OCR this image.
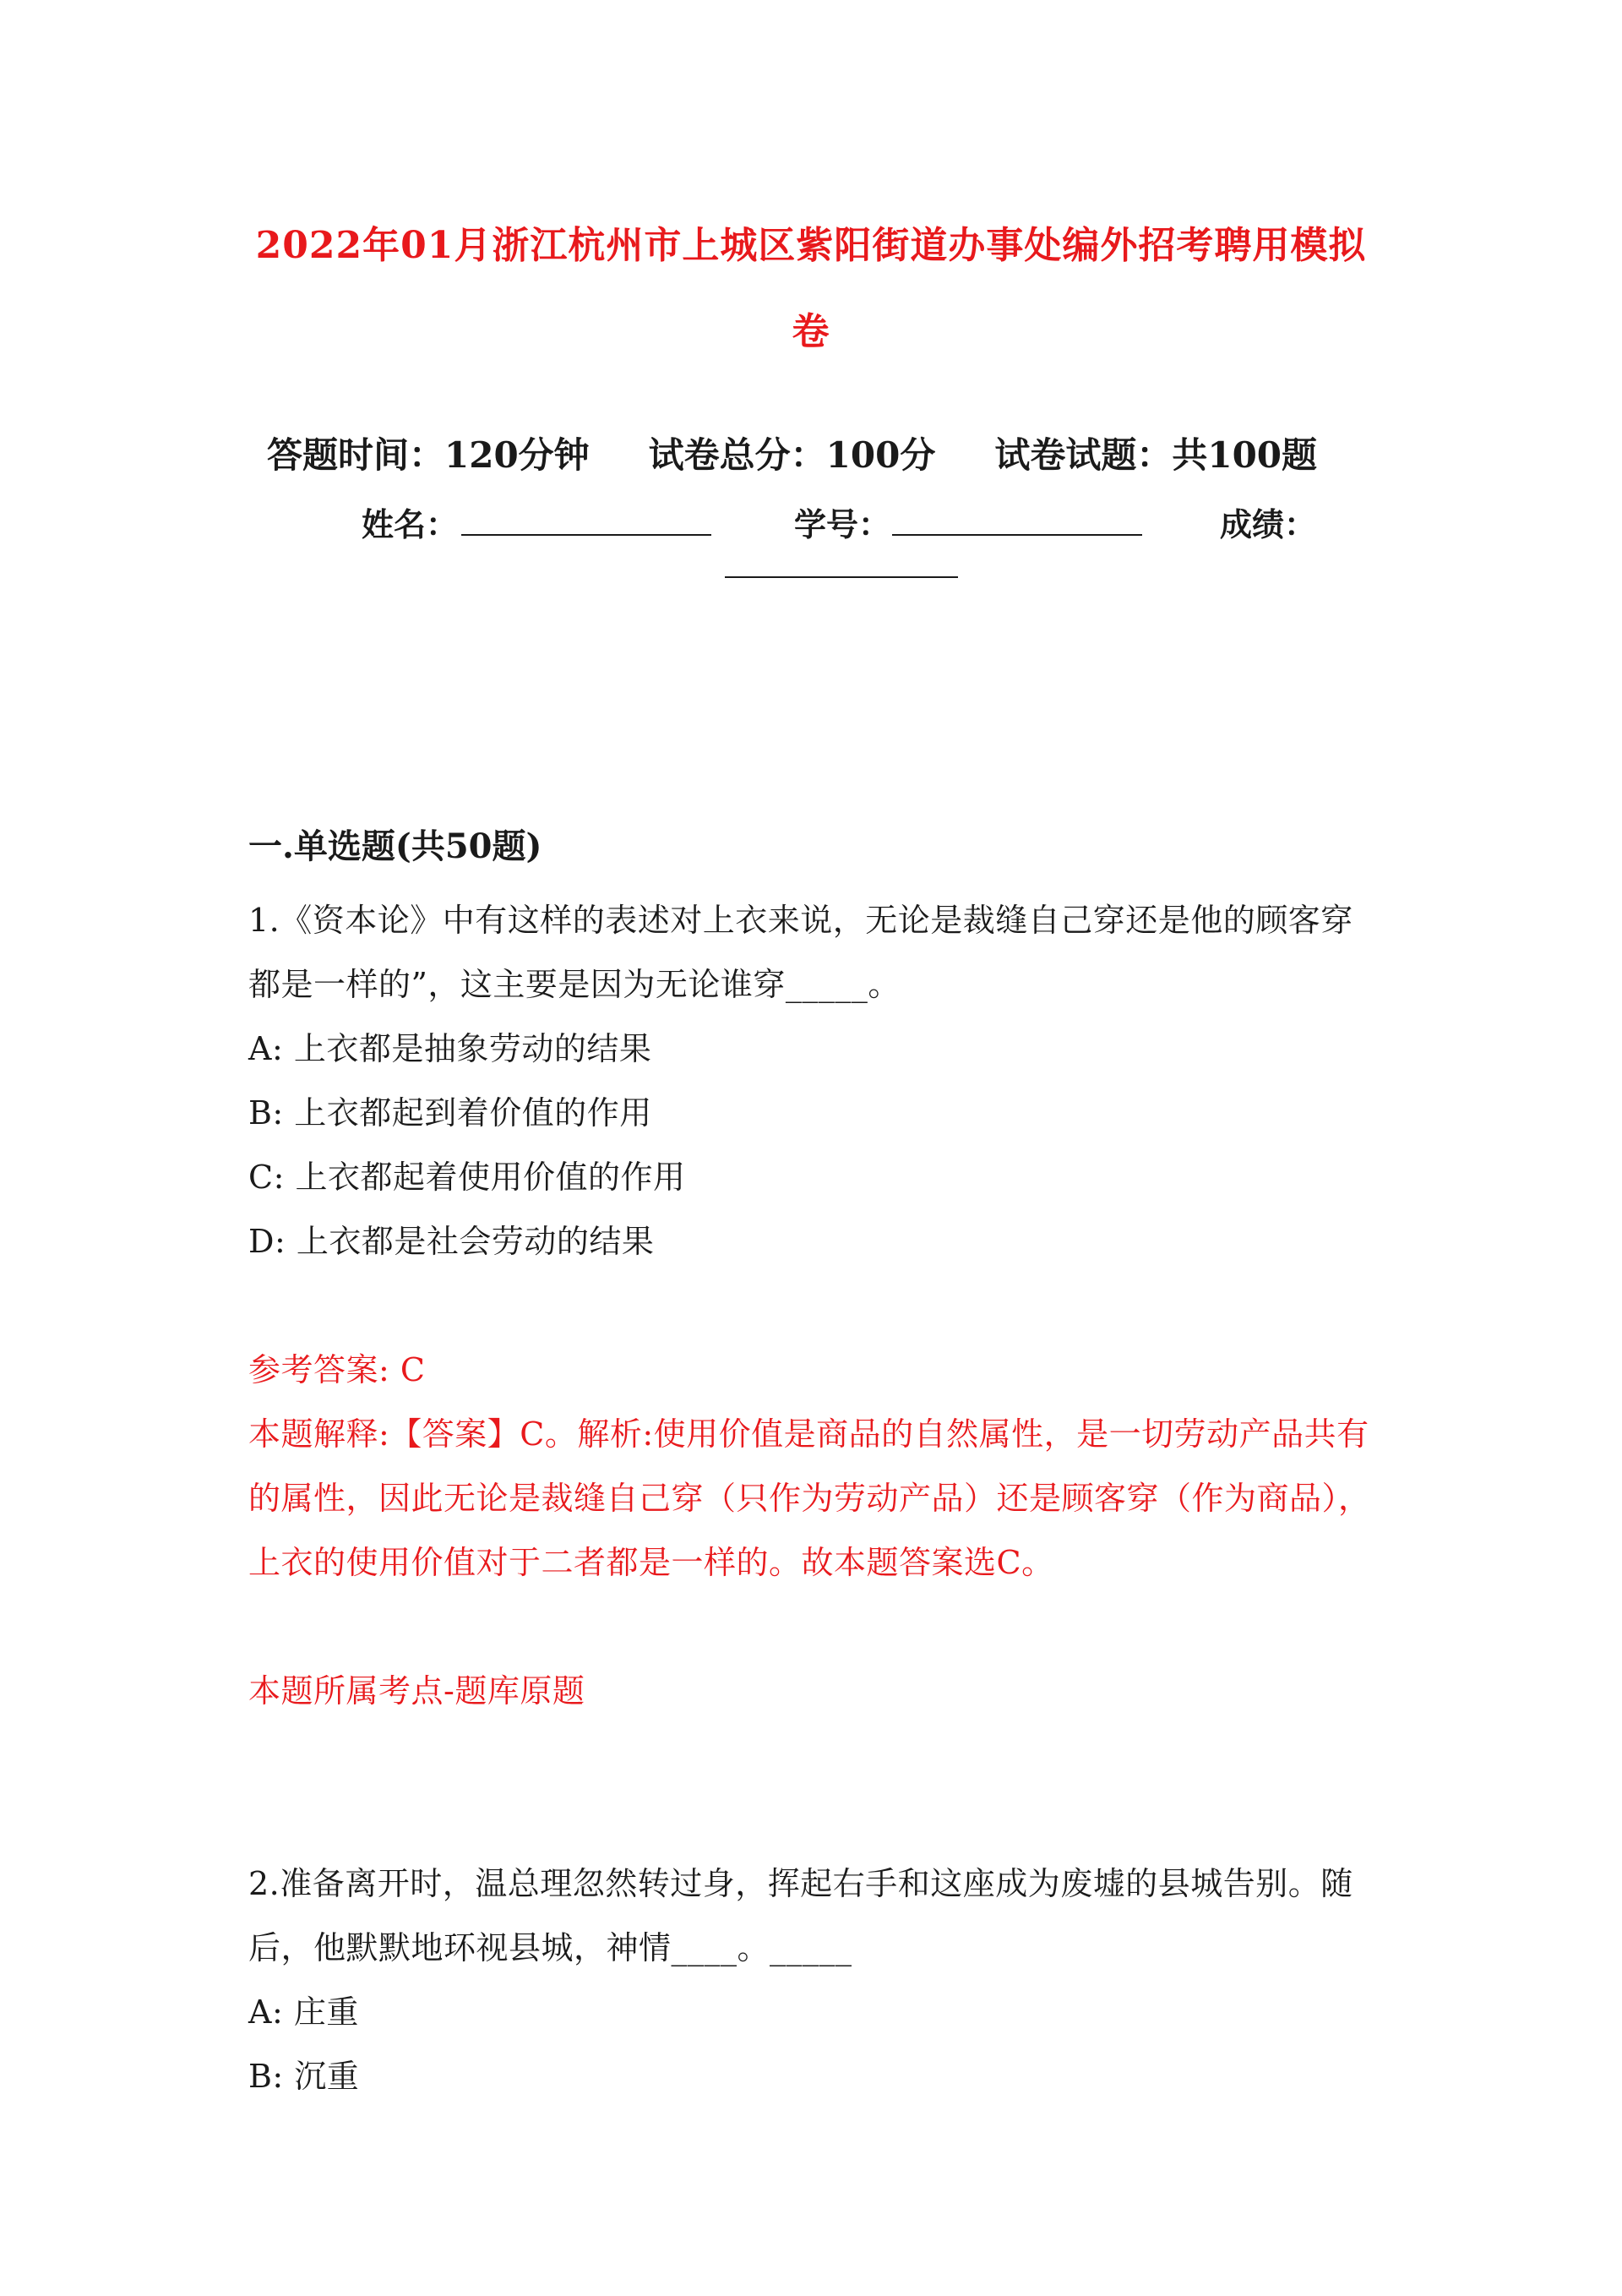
2022年01月浙江杭州市上城区紫阳街道办事处编外招考聘用模拟
卷
答题时间：120分钟 试卷总分：100分 试卷试题：共100题
姓名：	学号：	成绩：
一.单选题(共50题)
1.《资本论》中有这样的表述对上衣来说，无论是裁缝自己穿还是他的顾客穿
都是一样的”，这主要是因为无论谁穿_____。
A: 上衣都是抽象劳动的结果
B: 上衣都起到着价值的作用
C: 上衣都起着使用价值的作用
D: 上衣都是社会劳动的结果
参考答案: C
本题解释:【答案】C。解析:使用价值是商品的自然属性，是一切劳动产品共有
的属性，因此无论是裁缝自己穿（只作为劳动产品）还是顾客穿（作为商品），
上衣的使用价值对于二者都是一样的。故本题答案选C。
本题所属考点-题库原题
2.准备离开时，温总理忽然转过身，挥起右手和这座成为废墟的县城告别。随
后，他默默地环视县城，神情____。_____
A: 庄重
B: 沉重
